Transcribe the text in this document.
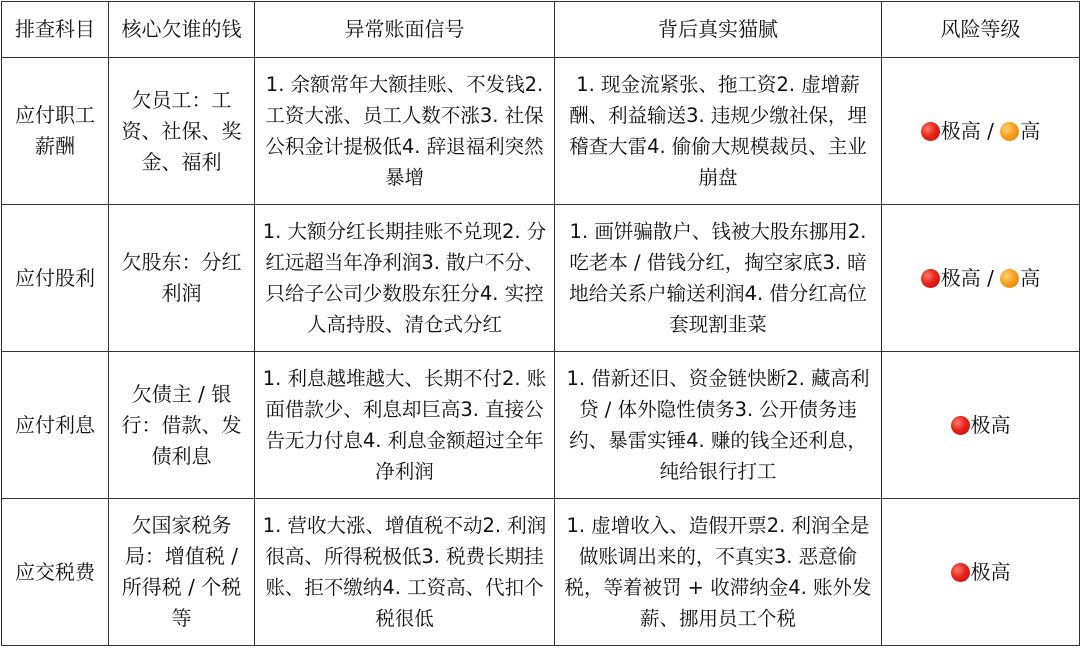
排查科目	核心欠谁的钱	异常账面信号	背后真实猫腻	风险等级
应付职工薪酬	欠员工：工资、社保、奖金、福利	1. 余额常年大额挂账、不发钱2. 工资大涨、员工人数不涨3. 社保公积金计提极低4. 辞退福利突然暴增	1. 现金流紧张、拖工资2. 虚增薪酬、利益输送3. 违规少缴社保，埋稽查大雷4. 偷偷大规模裁员、主业崩盘	极高 / 高
应付股利	欠股东：分红利润	1. 大额分红长期挂账不兑现2. 分红远超当年净利润3. 散户不分、只给子公司少数股东狂分4. 实控人高持股、清仓式分红	1. 画饼骗散户、钱被大股东挪用2. 吃老本 / 借钱分红，掏空家底3. 暗地给关系户输送利润4. 借分红高位套现割韭菜	极高 / 高
应付利息	欠债主 / 银行：借款、发债利息	1. 利息越堆越大、长期不付2. 账面借款少、利息却巨高3. 直接公告无力付息4. 利息金额超过全年净利润	1. 借新还旧、资金链快断2. 藏高利贷 / 体外隐性债务3. 公开债务违约、暴雷实锤4. 赚的钱全还利息，纯给银行打工	极高
应交税费	欠国家税务局：增值税 / 所得税 / 个税等	1. 营收大涨、增值税不动2. 利润很高、所得税极低3. 税费长期挂账、拒不缴纳4. 工资高、代扣个税很低	1. 虚增收入、造假开票2. 利润全是做账调出来的，不真实3. 恶意偷税，等着被罚 + 收滞纳金4. 账外发薪、挪用员工个税	极高
